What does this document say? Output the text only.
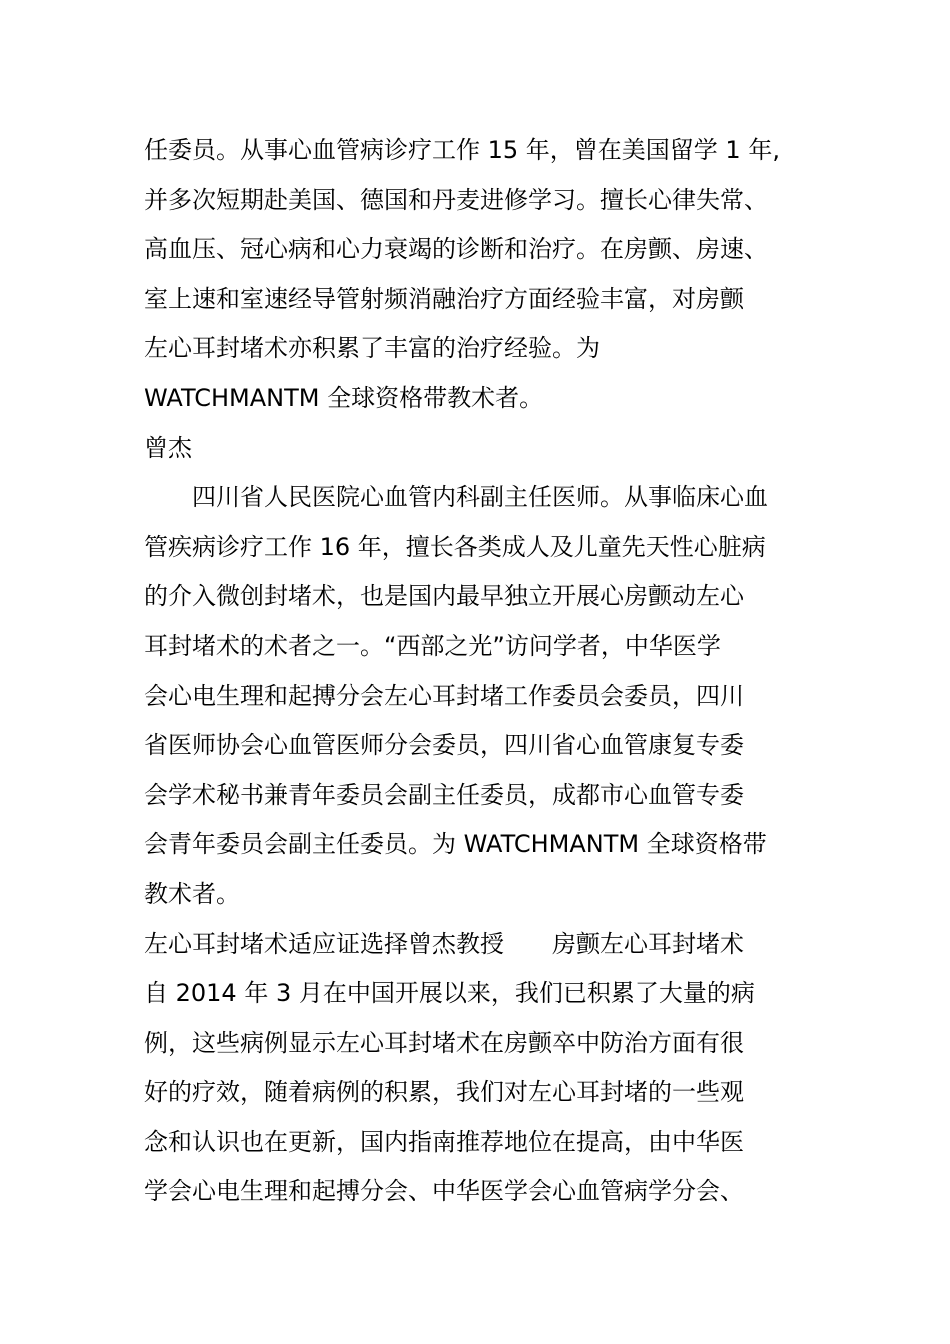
任委员。从事心血管病诊疗工作 15 年，曾在美国留学 1 年,
并多次短期赴美国、德国和丹麦进修学习。擅长心律失常、
高血压、冠心病和心力衰竭的诊断和治疗。在房颤、房速、
室上速和室速经导管射频消融治疗方面经验丰富，对房颤
左心耳封堵术亦积累了丰富的治疗经验。为
WATCHMANTM 全球资格带教术者。
曾杰
　　四川省人民医院心血管内科副主任医师。从事临床心血
管疾病诊疗工作 16 年，擅长各类成人及儿童先天性心脏病
的介入微创封堵术，也是国内最早独立开展心房颤动左心
耳封堵术的术者之一。“西部之光”访问学者，中华医学
会心电生理和起搏分会左心耳封堵工作委员会委员，四川
省医师协会心血管医师分会委员，四川省心血管康复专委
会学术秘书兼青年委员会副主任委员，成都市心血管专委
会青年委员会副主任委员。为 WATCHMANTM 全球资格带
教术者。
左心耳封堵术适应证选择曾杰教授　　房颤左心耳封堵术
自 2014 年 3 月在中国开展以来，我们已积累了大量的病
例，这些病例显示左心耳封堵术在房颤卒中防治方面有很
好的疗效，随着病例的积累，我们对左心耳封堵的一些观
念和认识也在更新，国内指南推荐地位在提高，由中华医
学会心电生理和起搏分会、中华医学会心血管病学分会、
